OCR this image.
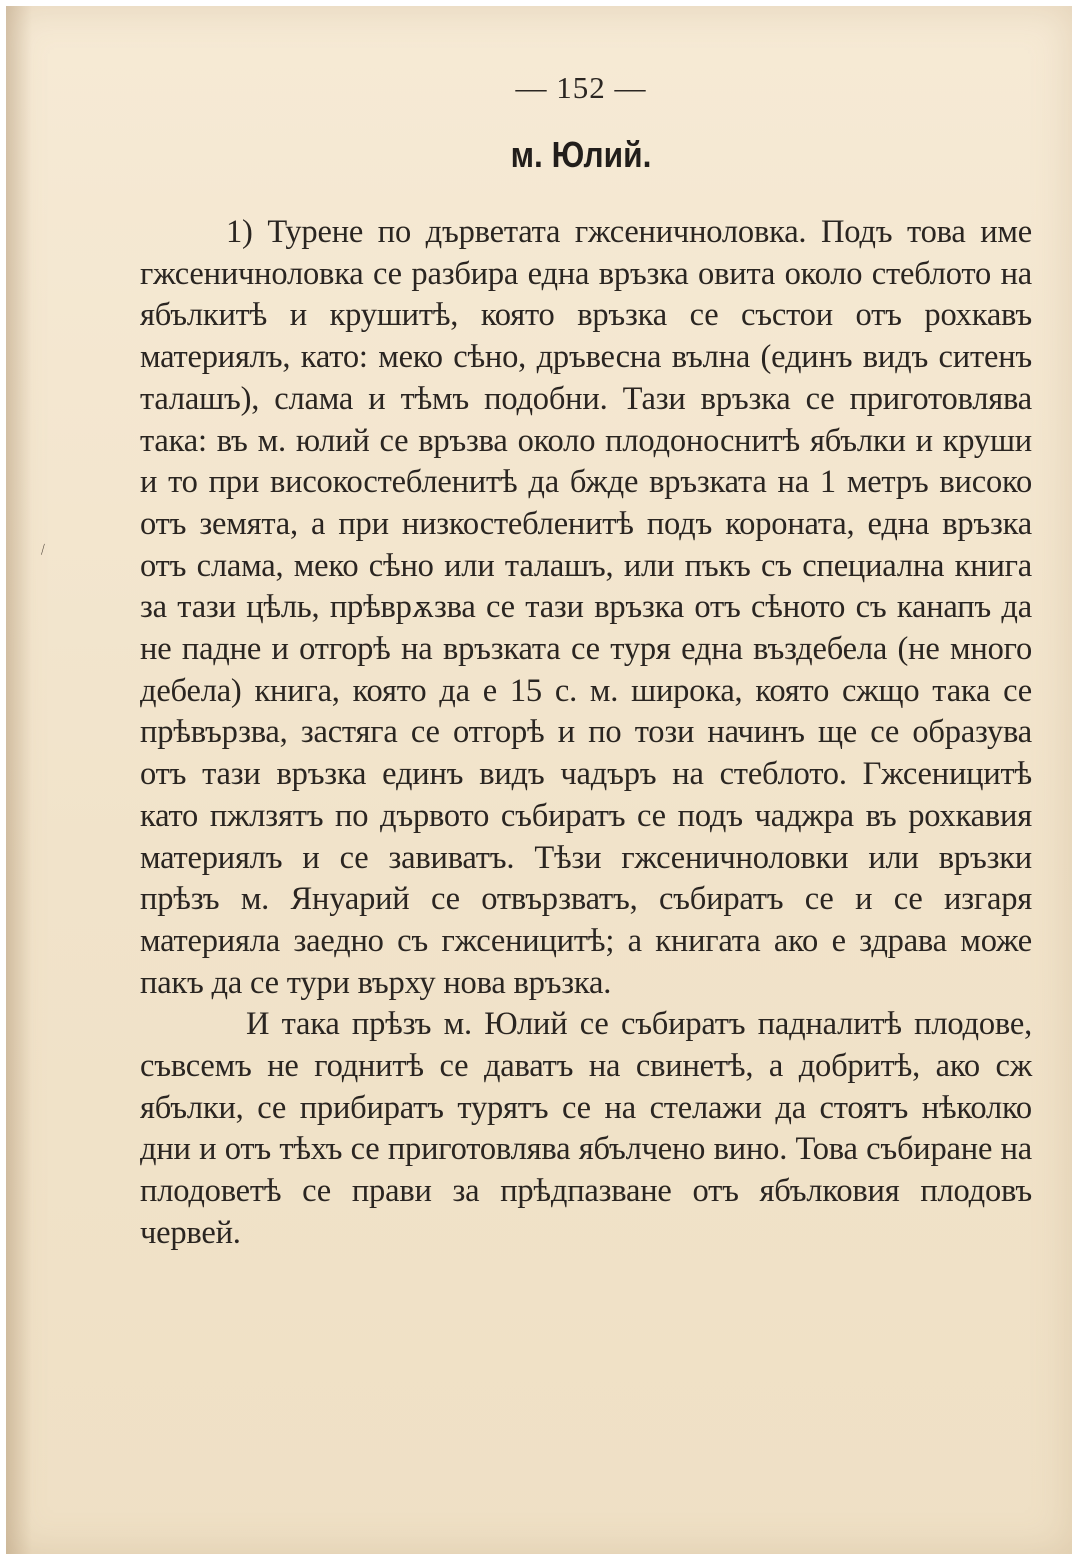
⁄
— 152 —
м. Юлий.

1) Турене по дърветата гжсеничноловка. Подъ това име гжсеничноловка се разбира една връзка овита около стеблото на ябълкитѣ и крушитѣ, която връзка се състои отъ рохкавъ материялъ, като: меко сѣно, дръвесна вълна (единъ видъ ситенъ талашъ), слама и тѣмъ подобни. Тази връзка се приготовлява така: въ м. юлий се връзва около плодоноснитѣ ябълки и круши и то при високостебленитѣ да бжде връзката на 1 метръ високо отъ земята, а при низкостебленитѣ подъ короната, една връзка отъ слама, меко сѣно или талашъ, или пъкъ съ специална книга за тази цѣль, прѣврѫзва се тази връзка отъ сѣното съ канапъ да не падне и отгорѣ на връзката се туря една въздебела (не много дебела) книга, която да е 15 с. м. широка, която сжщо така се прѣвързва, застяга се отгорѣ и по този начинъ ще се образува отъ тази връзка единъ видъ чадъръ на стеблото. Гжсеницитѣ като пжлзятъ по дървото събиратъ се подъ чаджра въ рохкавия материялъ и се завиватъ. Тѣзи гжсеничноловки или връзки прѣзъ м. Януарий се отвързватъ, събиратъ се и се изгаря материяла заедно съ гжсеницитѣ; а книгата ако е здрава може пакъ да се тури върху нова връзка.

И така прѣзъ м. Юлий се събиратъ падналитѣ плодове, съвсемъ не годнитѣ се даватъ на свинетѣ, а добритѣ, ако сж ябълки, се прибиратъ турятъ се на стелажи да стоятъ нѣколко дни и отъ тѣхъ се приготовлява ябълчено вино. Това събиране на плодоветѣ се прави за прѣдпазване отъ ябълковия плодовъ червей.
